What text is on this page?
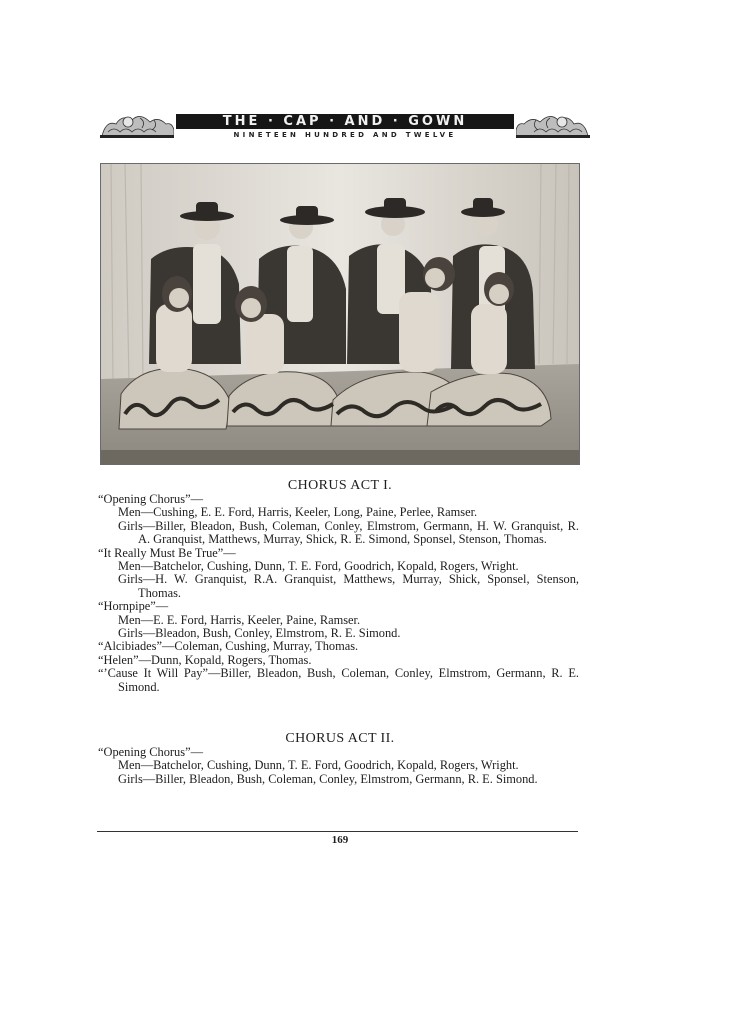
THE · CAP · AND · GOWN
NINETEEN HUNDRED AND TWELVE
CHORUS ACT I.

“Opening Chorus”—

Men—Cushing, E. E. Ford, Harris, Keeler, Long, Paine, Perlee, Ramser.

Girls—Biller, Bleadon, Bush, Coleman, Conley, Elmstrom, Germann, H. W. Granquist, R. A. Granquist, Matthews, Murray, Shick, R. E. Simond, Sponsel, Stenson, Thomas.

“It Really Must Be True”—

Men—Batchelor, Cushing, Dunn, T. E. Ford, Goodrich, Kopald, Rogers, Wright.

Girls—H. W. Granquist, R.A. Granquist, Matthews, Murray, Shick, Sponsel, Stenson, Thomas.

“Hornpipe”—

Men—E. E. Ford, Harris, Keeler, Paine, Ramser.

Girls—Bleadon, Bush, Conley, Elmstrom, R. E. Simond.

“Alcibiades”—Coleman, Cushing, Murray, Thomas.

“Helen”—Dunn, Kopald, Rogers, Thomas.

“’Cause It Will Pay”—Biller, Bleadon, Bush, Coleman, Conley, Elmstrom, Germann, R. E. Simond.

CHORUS ACT II.

“Opening Chorus”—

Men—Batchelor, Cushing, Dunn, T. E. Ford, Goodrich, Kopald, Rogers, Wright.

Girls—Biller, Bleadon, Bush, Coleman, Conley, Elmstrom, Germann, R. E. Simond.

169
